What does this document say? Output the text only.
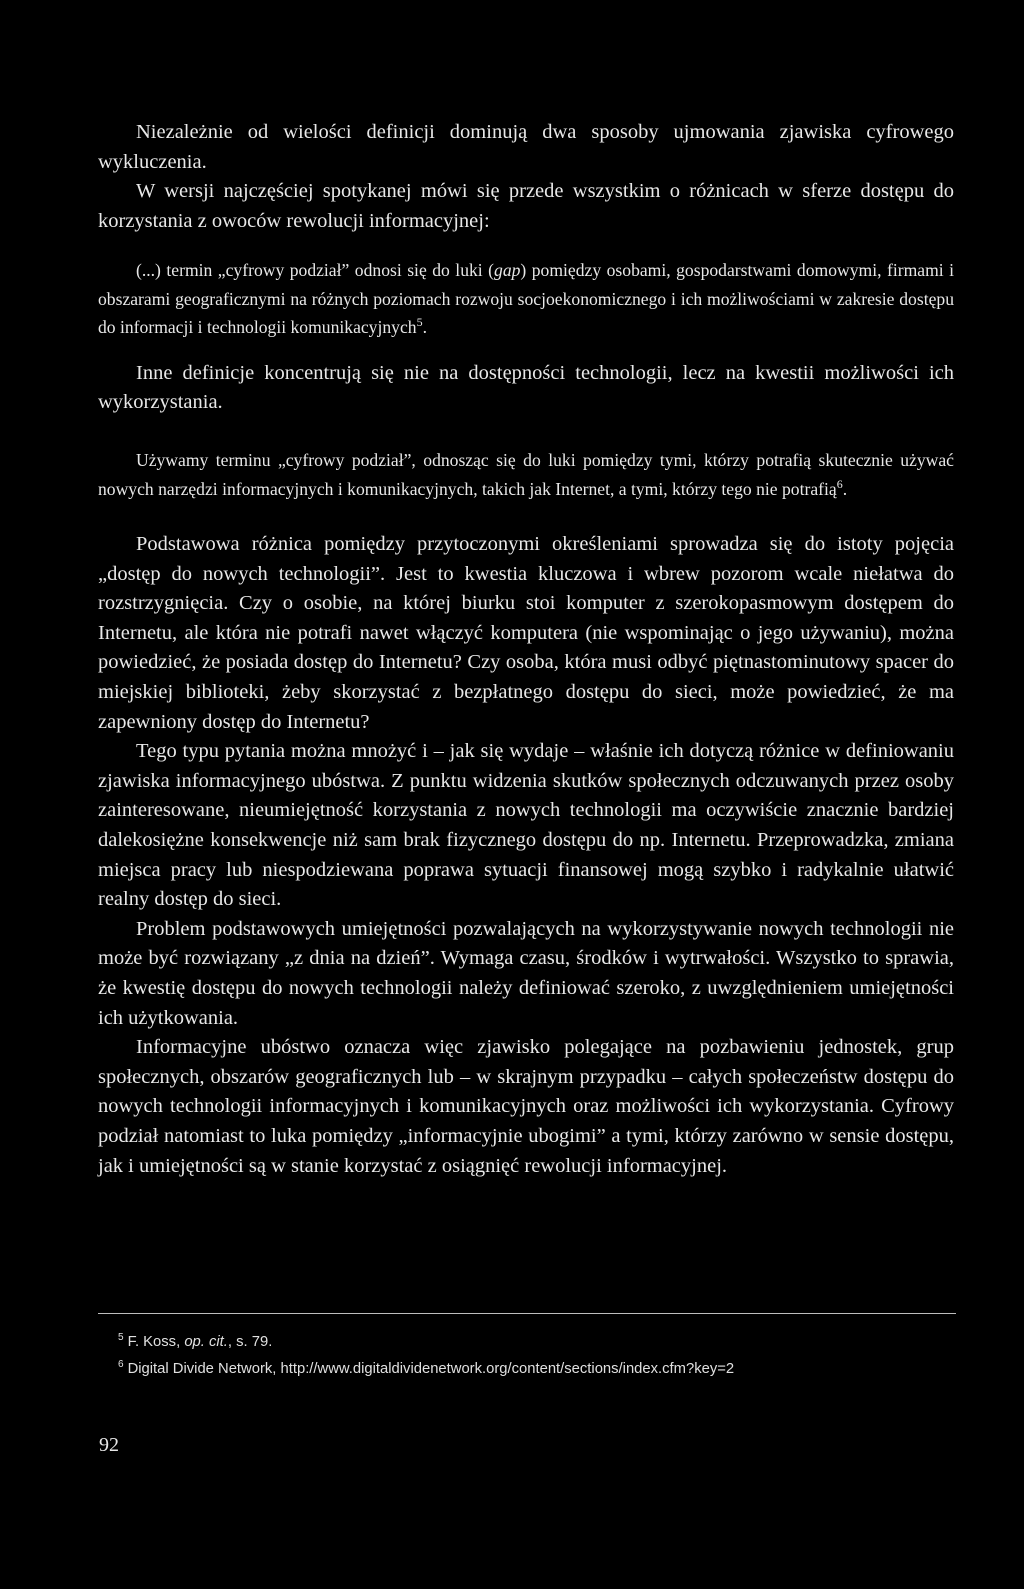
Niezależnie od wielości definicji dominują dwa sposoby ujmowania zjawiska cyfrowego wykluczenia.

W wersji najczęściej spotykanej mówi się przede wszystkim o różnicach w sferze dostępu do korzystania z owoców rewolucji informacyjnej:

(...) termin „cyfrowy podział” odnosi się do luki (gap) pomiędzy osobami, gospodarstwami domowymi, firmami i obszarami geograficznymi na różnych poziomach rozwoju socjoekonomicznego i ich możliwościami w zakresie dostępu do informacji i technologii komunikacyjnych$^5$.

Inne definicje koncentrują się nie na dostępności technologii, lecz na kwestii możliwości ich wykorzystania.

Używamy terminu „cyfrowy podział”, odnosząc się do luki pomiędzy tymi, którzy potrafią skutecznie używać nowych narzędzi informacyjnych i komunikacyjnych, takich jak Internet, a tymi, którzy tego nie potrafią$^6$.

Podstawowa różnica pomiędzy przytoczonymi określeniami sprowadza się do istoty pojęcia „dostęp do nowych technologii”. Jest to kwestia kluczowa i wbrew pozorom wcale niełatwa do rozstrzygnięcia. Czy o osobie, na której biurku stoi komputer z szerokopasmowym dostępem do Internetu, ale która nie potrafi nawet włączyć komputera (nie wspominając o jego używaniu), można powiedzieć, że posiada dostęp do Internetu? Czy osoba, która musi odbyć piętnastominutowy spacer do miejskiej biblioteki, żeby skorzystać z bezpłatnego dostępu do sieci, może powiedzieć, że ma zapewniony dostęp do Internetu?

Tego typu pytania można mnożyć i – jak się wydaje – właśnie ich dotyczą różnice w definiowaniu zjawiska informacyjnego ubóstwa. Z punktu widzenia skutków społecznych odczuwanych przez osoby zainteresowane, nieumiejętność korzystania z nowych technologii ma oczywiście znacznie bardziej dalekosiężne konsekwencje niż sam brak fizycznego dostępu do np. Internetu. Przeprowadzka, zmiana miejsca pracy lub niespodziewana poprawa sytuacji finansowej mogą szybko i radykalnie ułatwić realny dostęp do sieci.

Problem podstawowych umiejętności pozwalających na wykorzystywanie nowych technologii nie może być rozwiązany „z dnia na dzień”. Wymaga czasu, środków i wytrwałości. Wszystko to sprawia, że kwestię dostępu do nowych technologii należy definiować szeroko, z uwzględnieniem umiejętności ich użytkowania.

Informacyjne ubóstwo oznacza więc zjawisko polegające na pozbawieniu jednostek, grup społecznych, obszarów geograficznych lub – w skrajnym przypadku – całych społeczeństw dostępu do nowych technologii informacyjnych i komunikacyjnych oraz możliwości ich wykorzystania. Cyfrowy podział natomiast to luka pomiędzy „informacyjnie ubogimi” a tymi, którzy zarówno w sensie dostępu, jak i umiejętności są w stanie korzystać z osiągnięć rewolucji informacyjnej.

$^5$ F. Koss, op. cit., s. 79.
$^6$ Digital Divide Network, http://www.digitaldividenetwork.org/content/sections/index.cfm?key=2
92
